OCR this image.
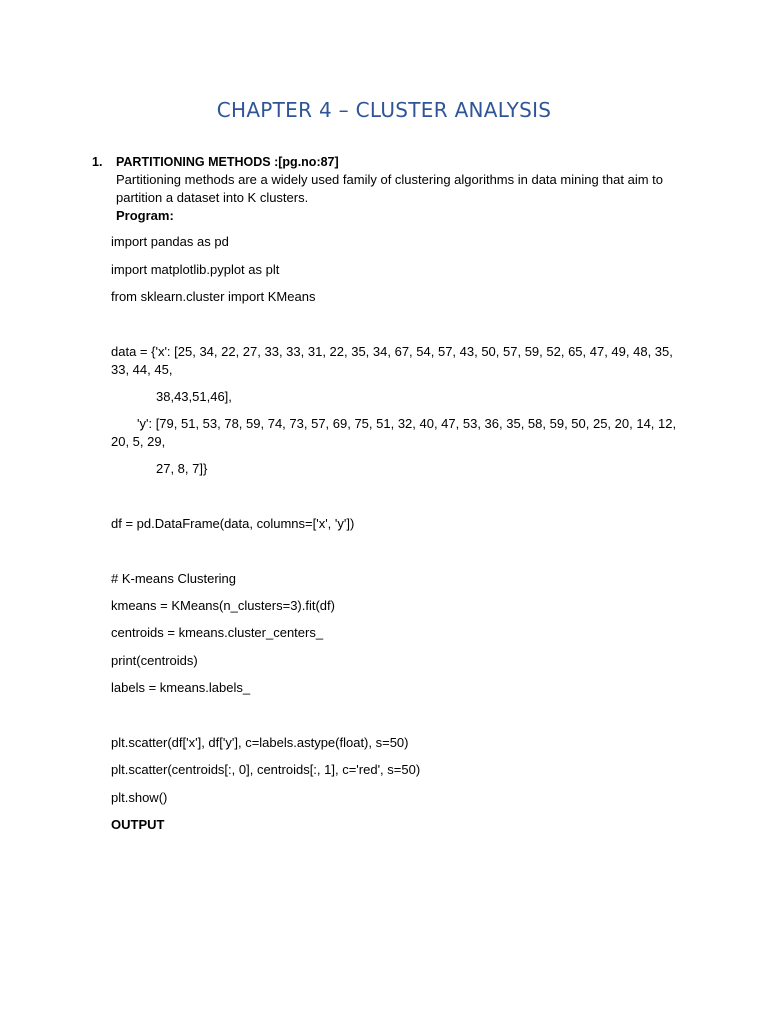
CHAPTER 4 – CLUSTER ANALYSIS
1. PARTITIONING METHODS :[pg.no:87]
Partitioning methods are a widely used family of clustering algorithms in data mining that aim to partition a dataset into K clusters.
Program:
import pandas as pd
import matplotlib.pyplot as plt
from sklearn.cluster import KMeans
data = {'x': [25, 34, 22, 27, 33, 33, 31, 22, 35, 34, 67, 54, 57, 43, 50, 57, 59, 52, 65, 47, 49, 48, 35, 33, 44, 45,
38,43,51,46],
'y': [79, 51, 53, 78, 59, 74, 73, 57, 69, 75, 51, 32, 40, 47, 53, 36, 35, 58, 59, 50, 25, 20, 14, 12, 20, 5, 29,
27, 8, 7]}
df = pd.DataFrame(data, columns=['x', 'y'])
# K-means Clustering
kmeans = KMeans(n_clusters=3).fit(df)
centroids = kmeans.cluster_centers_
print(centroids)
labels = kmeans.labels_
plt.scatter(df['x'], df['y'], c=labels.astype(float), s=50)
plt.scatter(centroids[:, 0], centroids[:, 1], c='red', s=50)
plt.show()
OUTPUT
